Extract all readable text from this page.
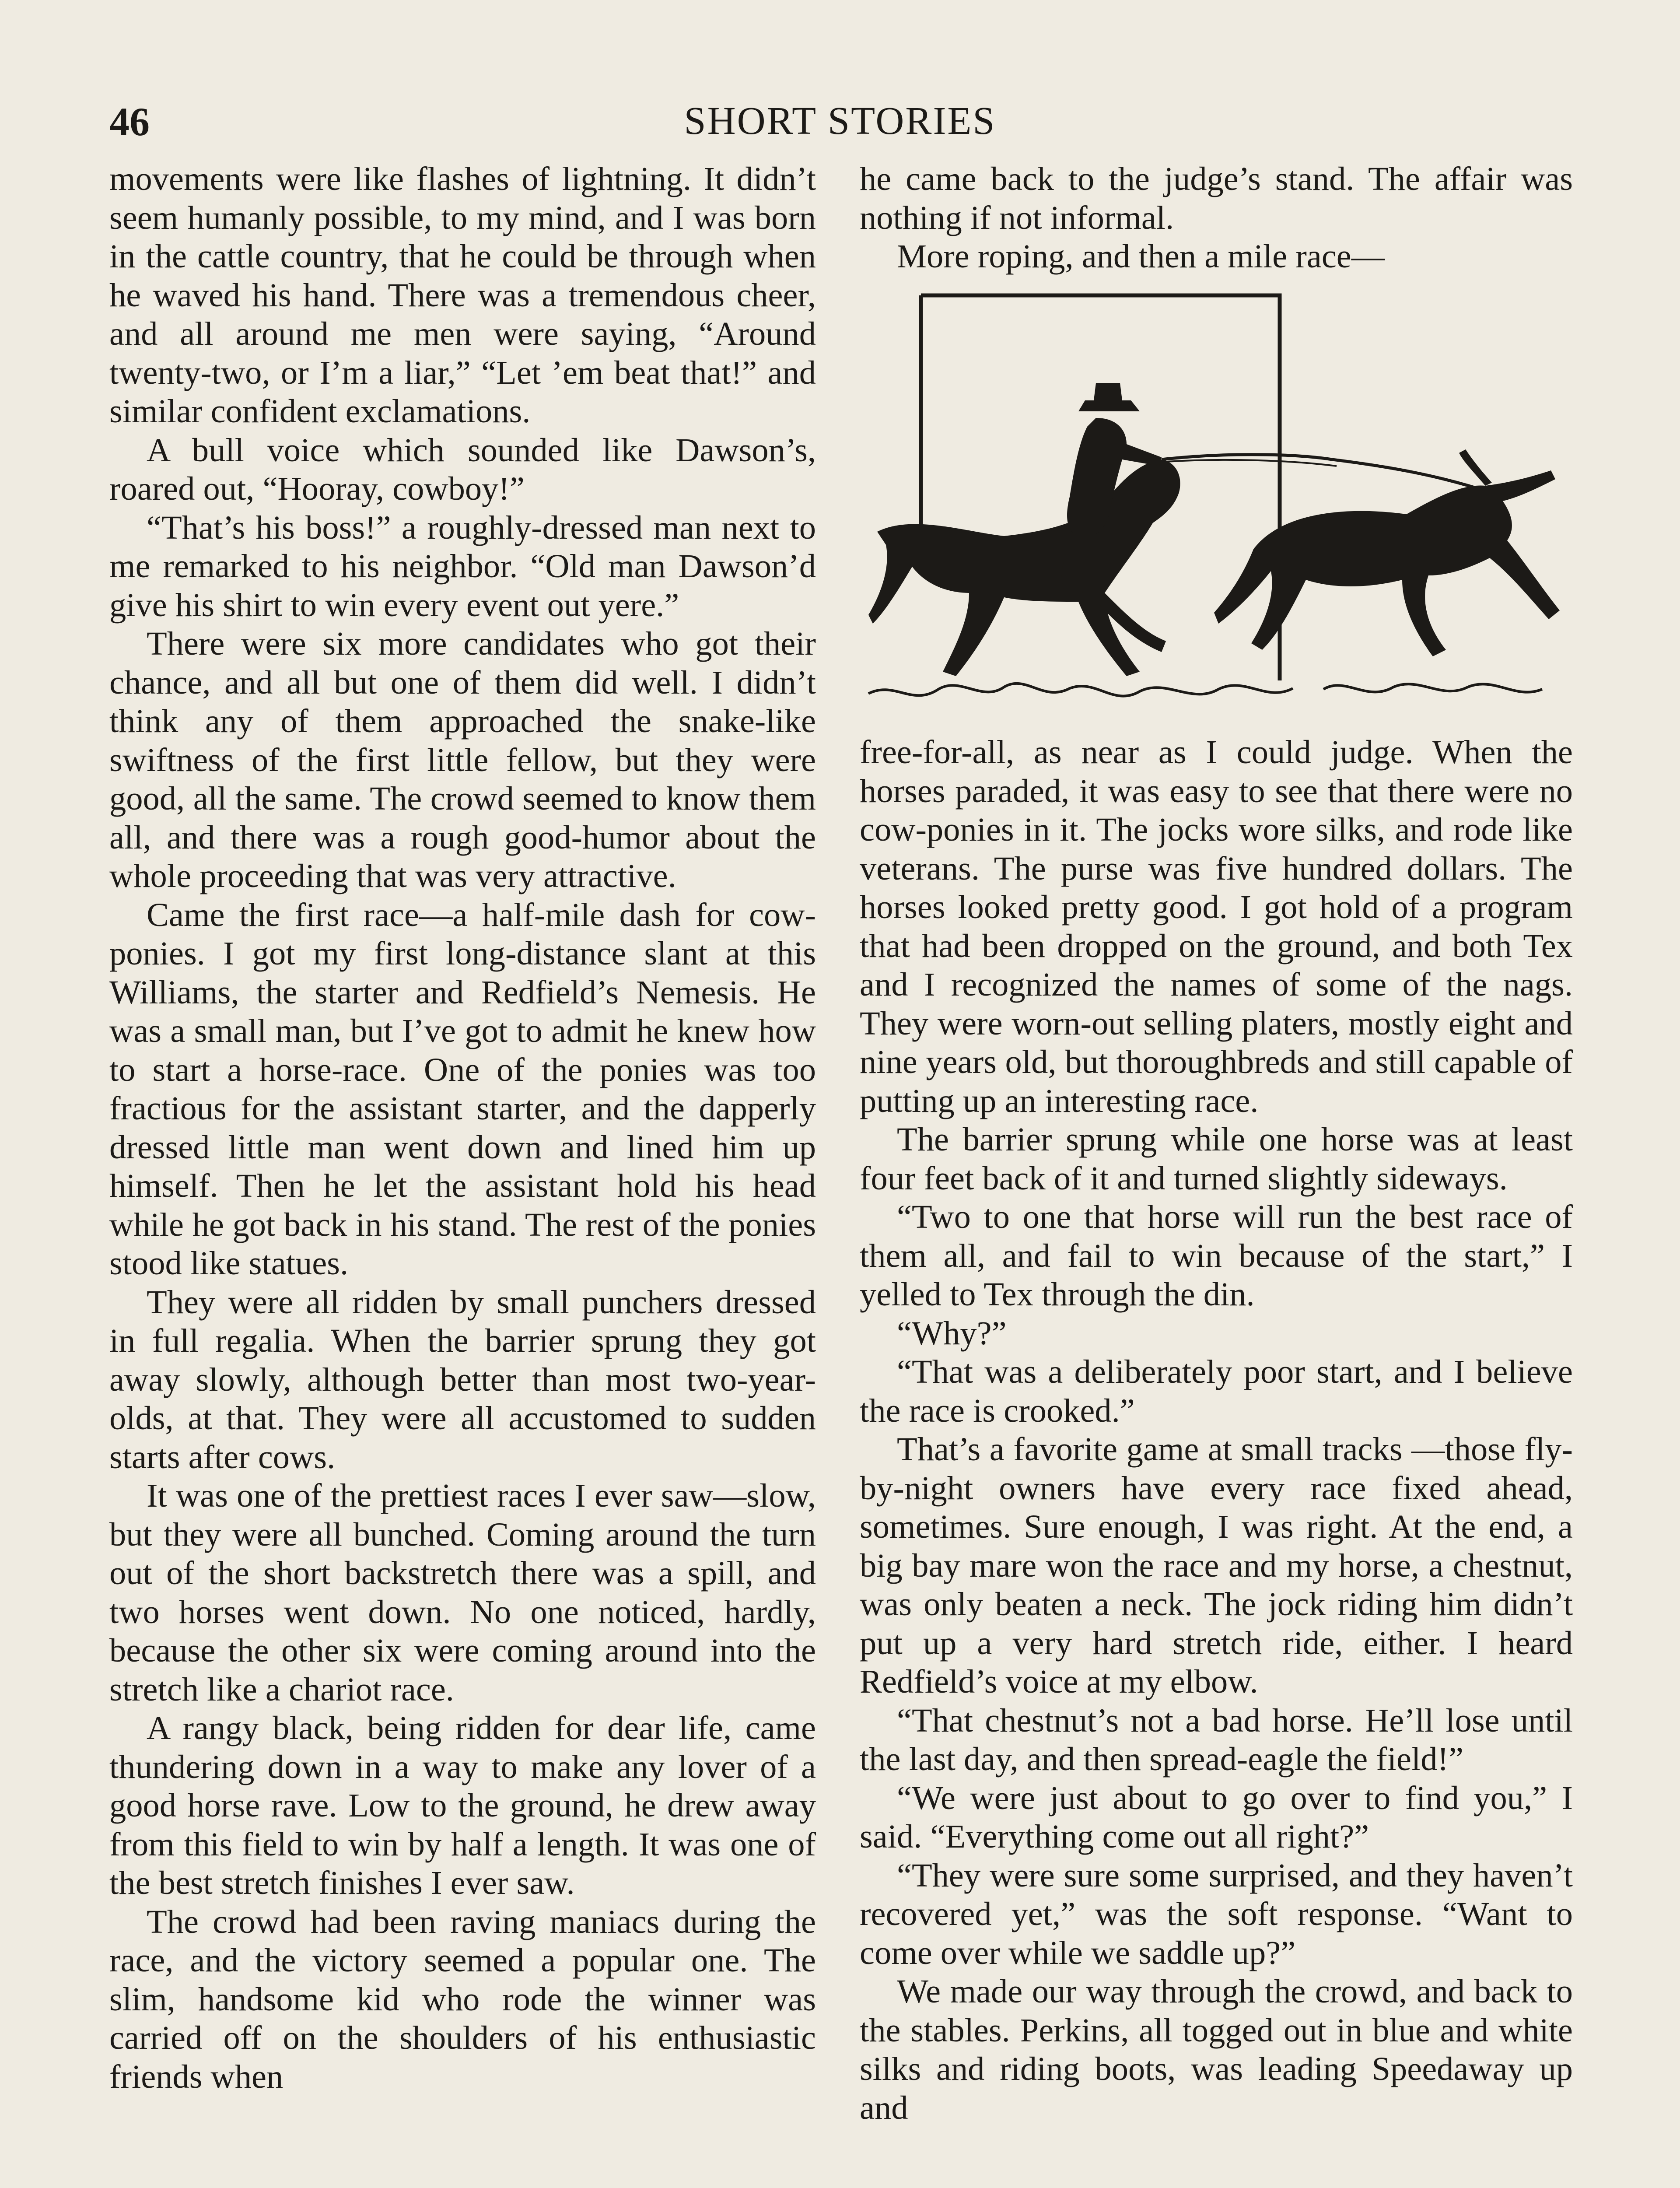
46	SHORT STORIES

movements were like flashes of lightning. It didn’t seem humanly possible, to my mind, and I was born in the cattle country, that he could be through when he waved his hand. There was a tremendous cheer, and all around me men were saying, “Around twenty-two, or I’m a liar,” “Let ’em beat that!” and similar confident exclamations.

A bull voice which sounded like Dawson’s, roared out, “Hooray, cowboy!”

“That’s his boss!” a roughly-dressed man next to me remarked to his neighbor. “Old man Dawson’d give his shirt to win every event out yere.”

There were six more candidates who got their chance, and all but one of them did well. I didn’t think any of them approached the snake-like swiftness of the first little fellow, but they were good, all the same. The crowd seemed to know them all, and there was a rough good-humor about the whole proceeding that was very attractive.

Came the first race—a half-mile dash for cow-ponies. I got my first long-distance slant at this Williams, the starter and Redfield’s Nemesis. He was a small man, but I’ve got to admit he knew how to start a horse-race. One of the ponies was too fractious for the assistant starter, and the dapperly dressed little man went down and lined him up himself. Then he let the assistant hold his head while he got back in his stand. The rest of the ponies stood like statues.

They were all ridden by small punchers dressed in full regalia. When the barrier sprung they got away slowly, although better than most two-year-olds, at that. They were all accustomed to sudden starts after cows.

It was one of the prettiest races I ever saw—slow, but they were all bunched. Coming around the turn out of the short backstretch there was a spill, and two horses went down. No one noticed, hardly, because the other six were coming around into the stretch like a chariot race.

A rangy black, being ridden for dear life, came thundering down in a way to make any lover of a good horse rave. Low to the ground, he drew away from this field to win by half a length. It was one of the best stretch finishes I ever saw.

The crowd had been raving maniacs during the race, and the victory seemed a popular one. The slim, handsome kid who rode the winner was carried off on the shoulders of his enthusiastic friends when

he came back to the judge’s stand. The affair was nothing if not informal.

More roping, and then a mile race—

free-for-all, as near as I could judge. When the horses paraded, it was easy to see that there were no cow-ponies in it. The jocks wore silks, and rode like veterans. The purse was five hundred dollars. The horses looked pretty good. I got hold of a program that had been dropped on the ground, and both Tex and I recognized the names of some of the nags. They were worn-out selling platers, mostly eight and nine years old, but thoroughbreds and still capable of putting up an interesting race.

The barrier sprung while one horse was at least four feet back of it and turned slightly sideways.

“Two to one that horse will run the best race of them all, and fail to win because of the start,” I yelled to Tex through the din.

“Why?”

“That was a deliberately poor start, and I believe the race is crooked.”

That’s a favorite game at small tracks —those fly-by-night owners have every race fixed ahead, sometimes. Sure enough, I was right. At the end, a big bay mare won the race and my horse, a chestnut, was only beaten a neck. The jock riding him didn’t put up a very hard stretch ride, either. I heard Redfield’s voice at my elbow.

“That chestnut’s not a bad horse. He’ll lose until the last day, and then spread-eagle the field!”

“We were just about to go over to find you,” I said. “Everything come out all right?”

“They were sure some surprised, and they haven’t recovered yet,” was the soft response. “Want to come over while we saddle up?”

We made our way through the crowd, and back to the stables. Perkins, all togged out in blue and white silks and riding boots, was leading Speedaway up and
